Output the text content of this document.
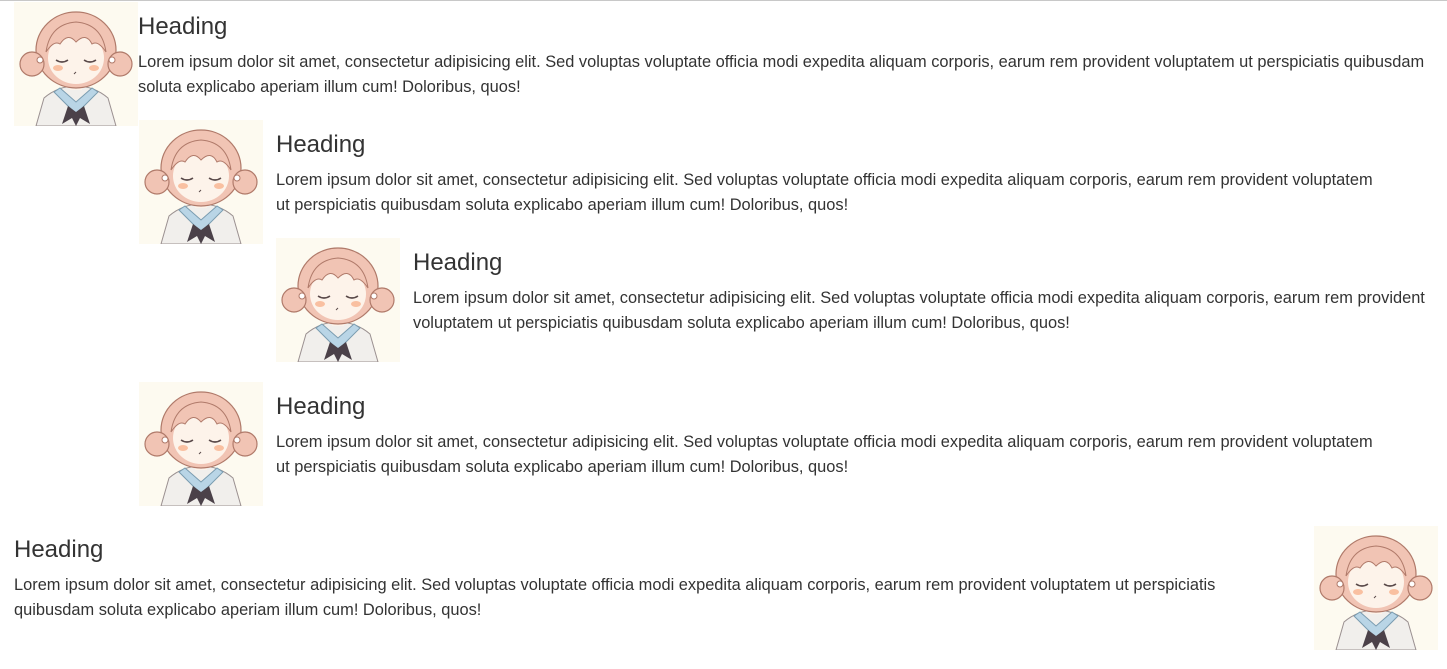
Heading

Lorem ipsum dolor sit amet, consectetur adipisicing elit. Sed voluptas voluptate officia modi expedita aliquam corporis, earum rem provident voluptatem ut perspiciatis quibusdam soluta explicabo aperiam illum cum! Doloribus, quos!

Heading

Lorem ipsum dolor sit amet, consectetur adipisicing elit. Sed voluptas voluptate officia modi expedita aliquam corporis, earum rem provident voluptatem ut perspiciatis quibusdam soluta explicabo aperiam illum cum! Doloribus, quos!

Heading

Lorem ipsum dolor sit amet, consectetur adipisicing elit. Sed voluptas voluptate officia modi expedita aliquam corporis, earum rem provident voluptatem ut perspiciatis quibusdam soluta explicabo aperiam illum cum! Doloribus, quos!

Heading

Lorem ipsum dolor sit amet, consectetur adipisicing elit. Sed voluptas voluptate officia modi expedita aliquam corporis, earum rem provident voluptatem ut perspiciatis quibusdam soluta explicabo aperiam illum cum! Doloribus, quos!

Heading

Lorem ipsum dolor sit amet, consectetur adipisicing elit. Sed voluptas voluptate officia modi expedita aliquam corporis, earum rem provident voluptatem ut perspiciatis quibusdam soluta explicabo aperiam illum cum! Doloribus, quos!
